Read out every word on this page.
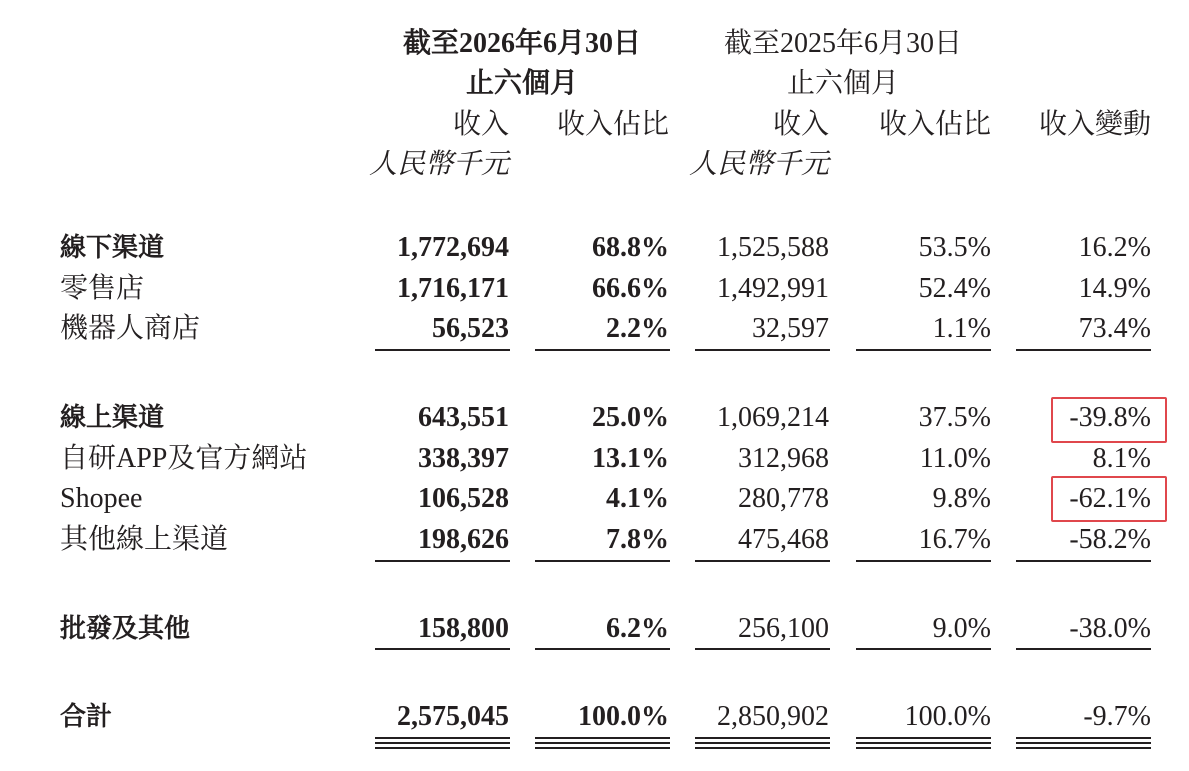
截至2026年6月30日
止六個月
截至2025年6月30日
止六個月
收入 收入佔比	收入 收入佔比 收入變動
人民幣千元	人民幣千元
線下渠道	1,772,694	68.8% 1,525,588	53.5%	16.2%
零售店	1,716,171	66.6% 1,492,991	52.4%	14.9%
機器人商店	56,523	2.2%	32,597	1.1%	73.4%
線上渠道	643,551	25.0% 1,069,214	37.5%	-39.8%
自研APP及官方網站	338,397	13.1% 312,968	11.0%	8.1%
Shopee	106,528	4.1% 280,778	9.8%	-62.1%
其他線上渠道	198,626	7.8% 475,468	16.7%	-58.2%
批發及其他	158,800	6.2% 256,100	9.0%	-38.0%
合計	2,575,045 100.0% 2,850,902	100.0%	-9.7%
